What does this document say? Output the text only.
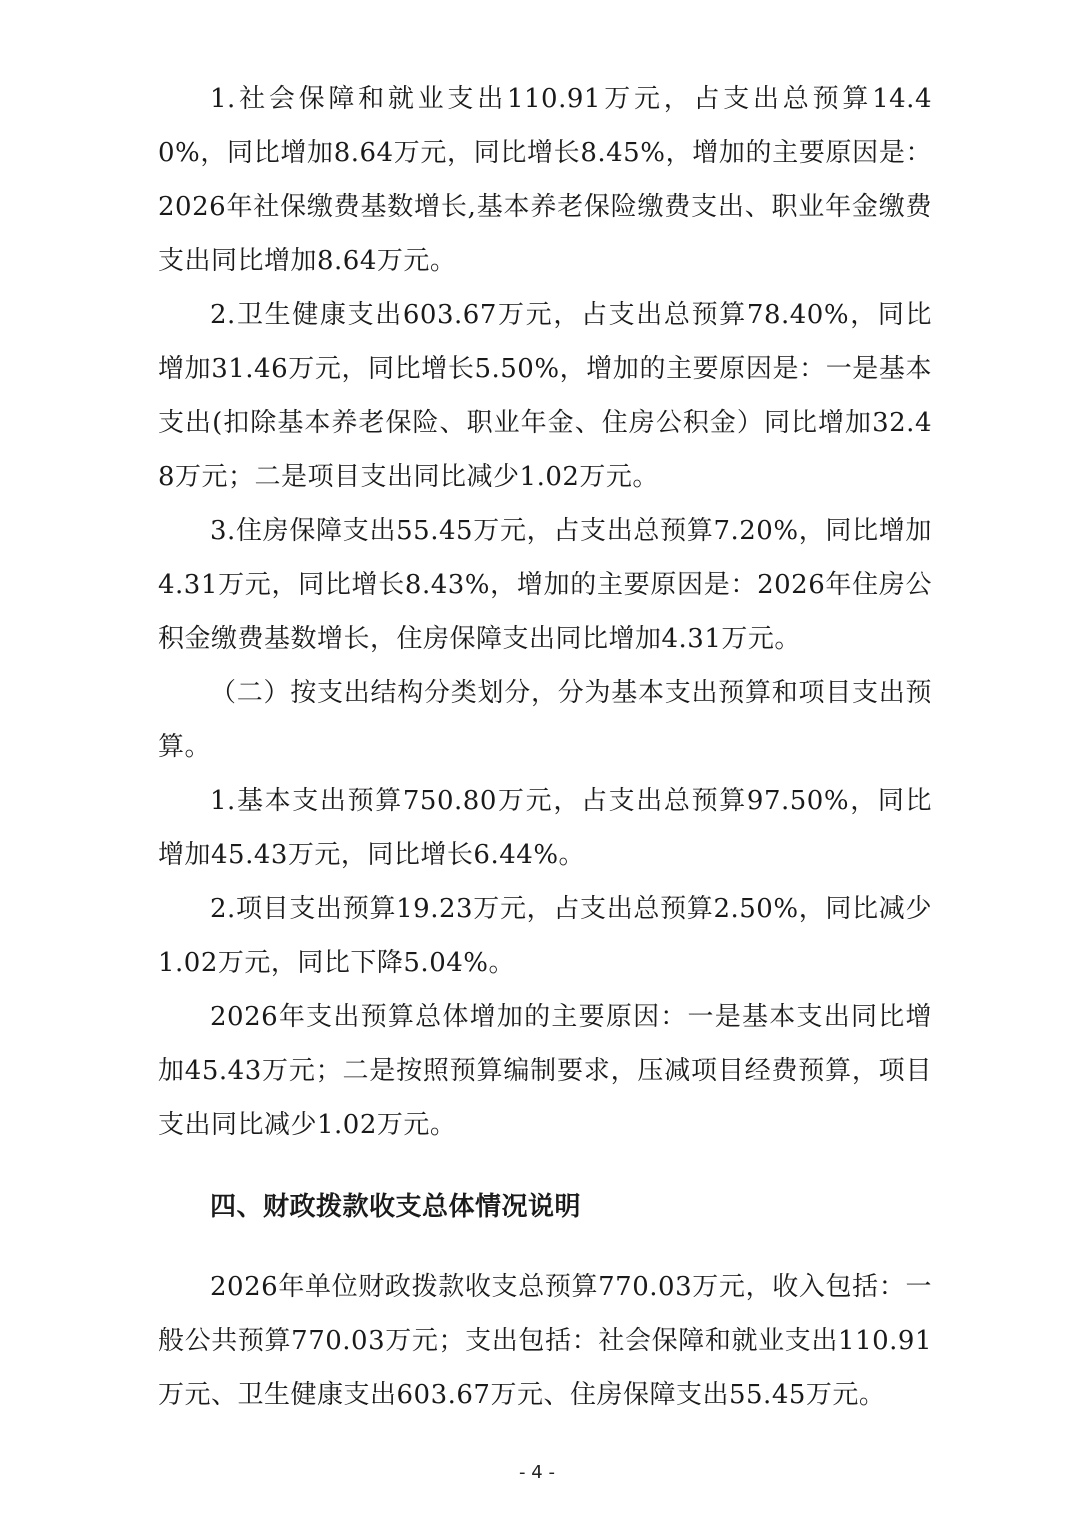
1.社会保障和就业支出110.91万元，占支出总预算14.40%，同比增加8.64万元，同比增长8.45%，增加的主要原因是：2026年社保缴费基数增长,基本养老保险缴费支出、职业年金缴费支出同比增加8.64万元。

2.卫生健康支出603.67万元，占支出总预算78.40%，同比增加31.46万元，同比增长5.50%，增加的主要原因是：一是基本支出(扣除基本养老保险、职业年金、住房公积金）同比增加32.48万元；二是项目支出同比减少1.02万元。

3.住房保障支出55.45万元，占支出总预算7.20%，同比增加4.31万元，同比增长8.43%，增加的主要原因是：2026年住房公积金缴费基数增长，住房保障支出同比增加4.31万元。

（二）按支出结构分类划分，分为基本支出预算和项目支出预算。

1.基本支出预算750.80万元，占支出总预算97.50%，同比增加45.43万元，同比增长6.44%。

2.项目支出预算19.23万元，占支出总预算2.50%，同比减少1.02万元，同比下降5.04%。

2026年支出预算总体增加的主要原因：一是基本支出同比增加45.43万元；二是按照预算编制要求，压减项目经费预算，项目支出同比减少1.02万元。

四、财政拨款收支总体情况说明

2026年单位财政拨款收支总预算770.03万元，收入包括：一般公共预算770.03万元；支出包括：社会保障和就业支出110.91万元、卫生健康支出603.67万元、住房保障支出55.45万元。

- 4 -
